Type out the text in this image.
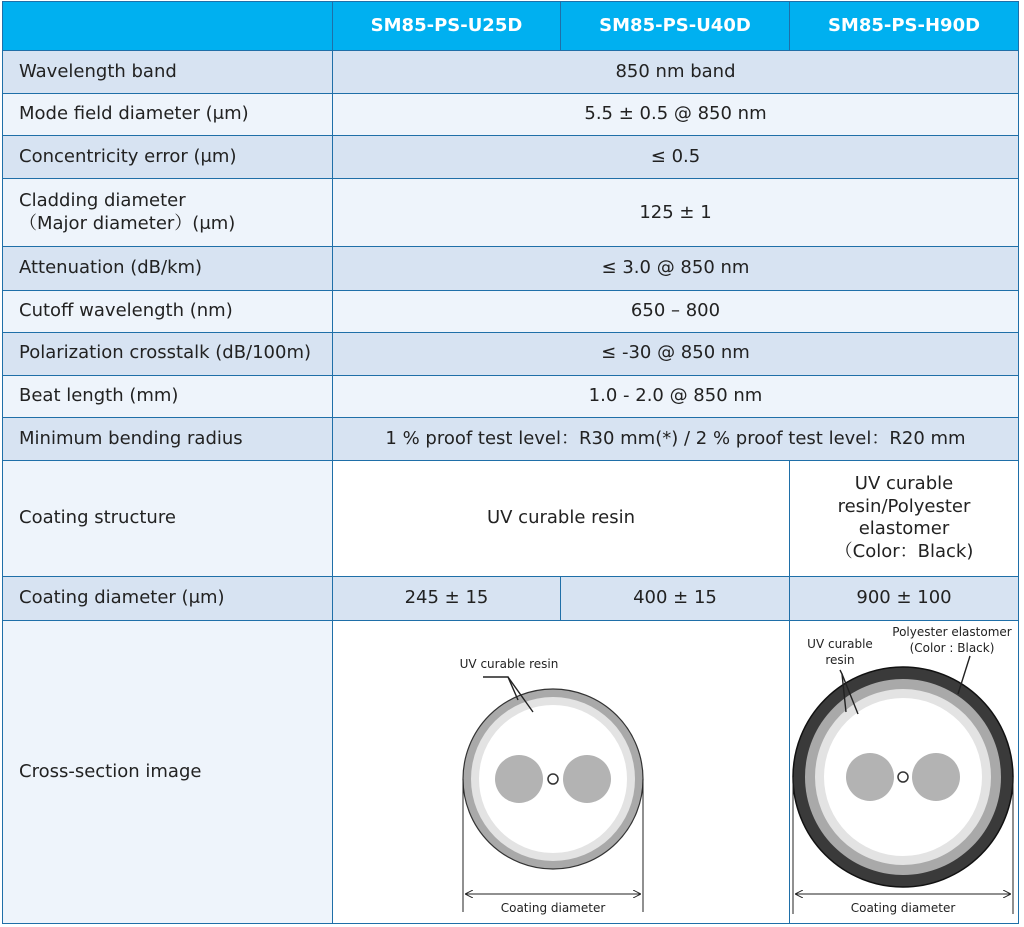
	SM85-PS-U25D	SM85-PS-U40D	SM85-PS-H90D
Wavelength band	850 nm band		
Mode field diameter (μm)	5.5 ± 0.5 @ 850 nm		
Concentricity error (μm)	≤ 0.5		

Cladding diameter
（Major diameter）(μm)	125 ± 1		
Attenuation (dB/km)	≤ 3.0 @ 850 nm		
Cutoff wavelength (nm)	650 – 800		
Polarization crosstalk (dB/100m)	≤ -30 @ 850 nm		
Beat length (mm)	1.0 - 2.0 @ 850 nm		
Minimum bending radius	1 % proof test level：R30 mm(*) / 2 % proof test level：R20 mm		
Coating structure	UV curable resin		UV curable
resin/Polyester
elastomer
（Color：Black)

Coating diameter (μm)	245 ± 15	400 ± 15	900 ± 100
Cross-section image	UV curable resin
Coating diameter		UV curable
resin
Polyester elastomer
(Color : Black)
Coating diameter
